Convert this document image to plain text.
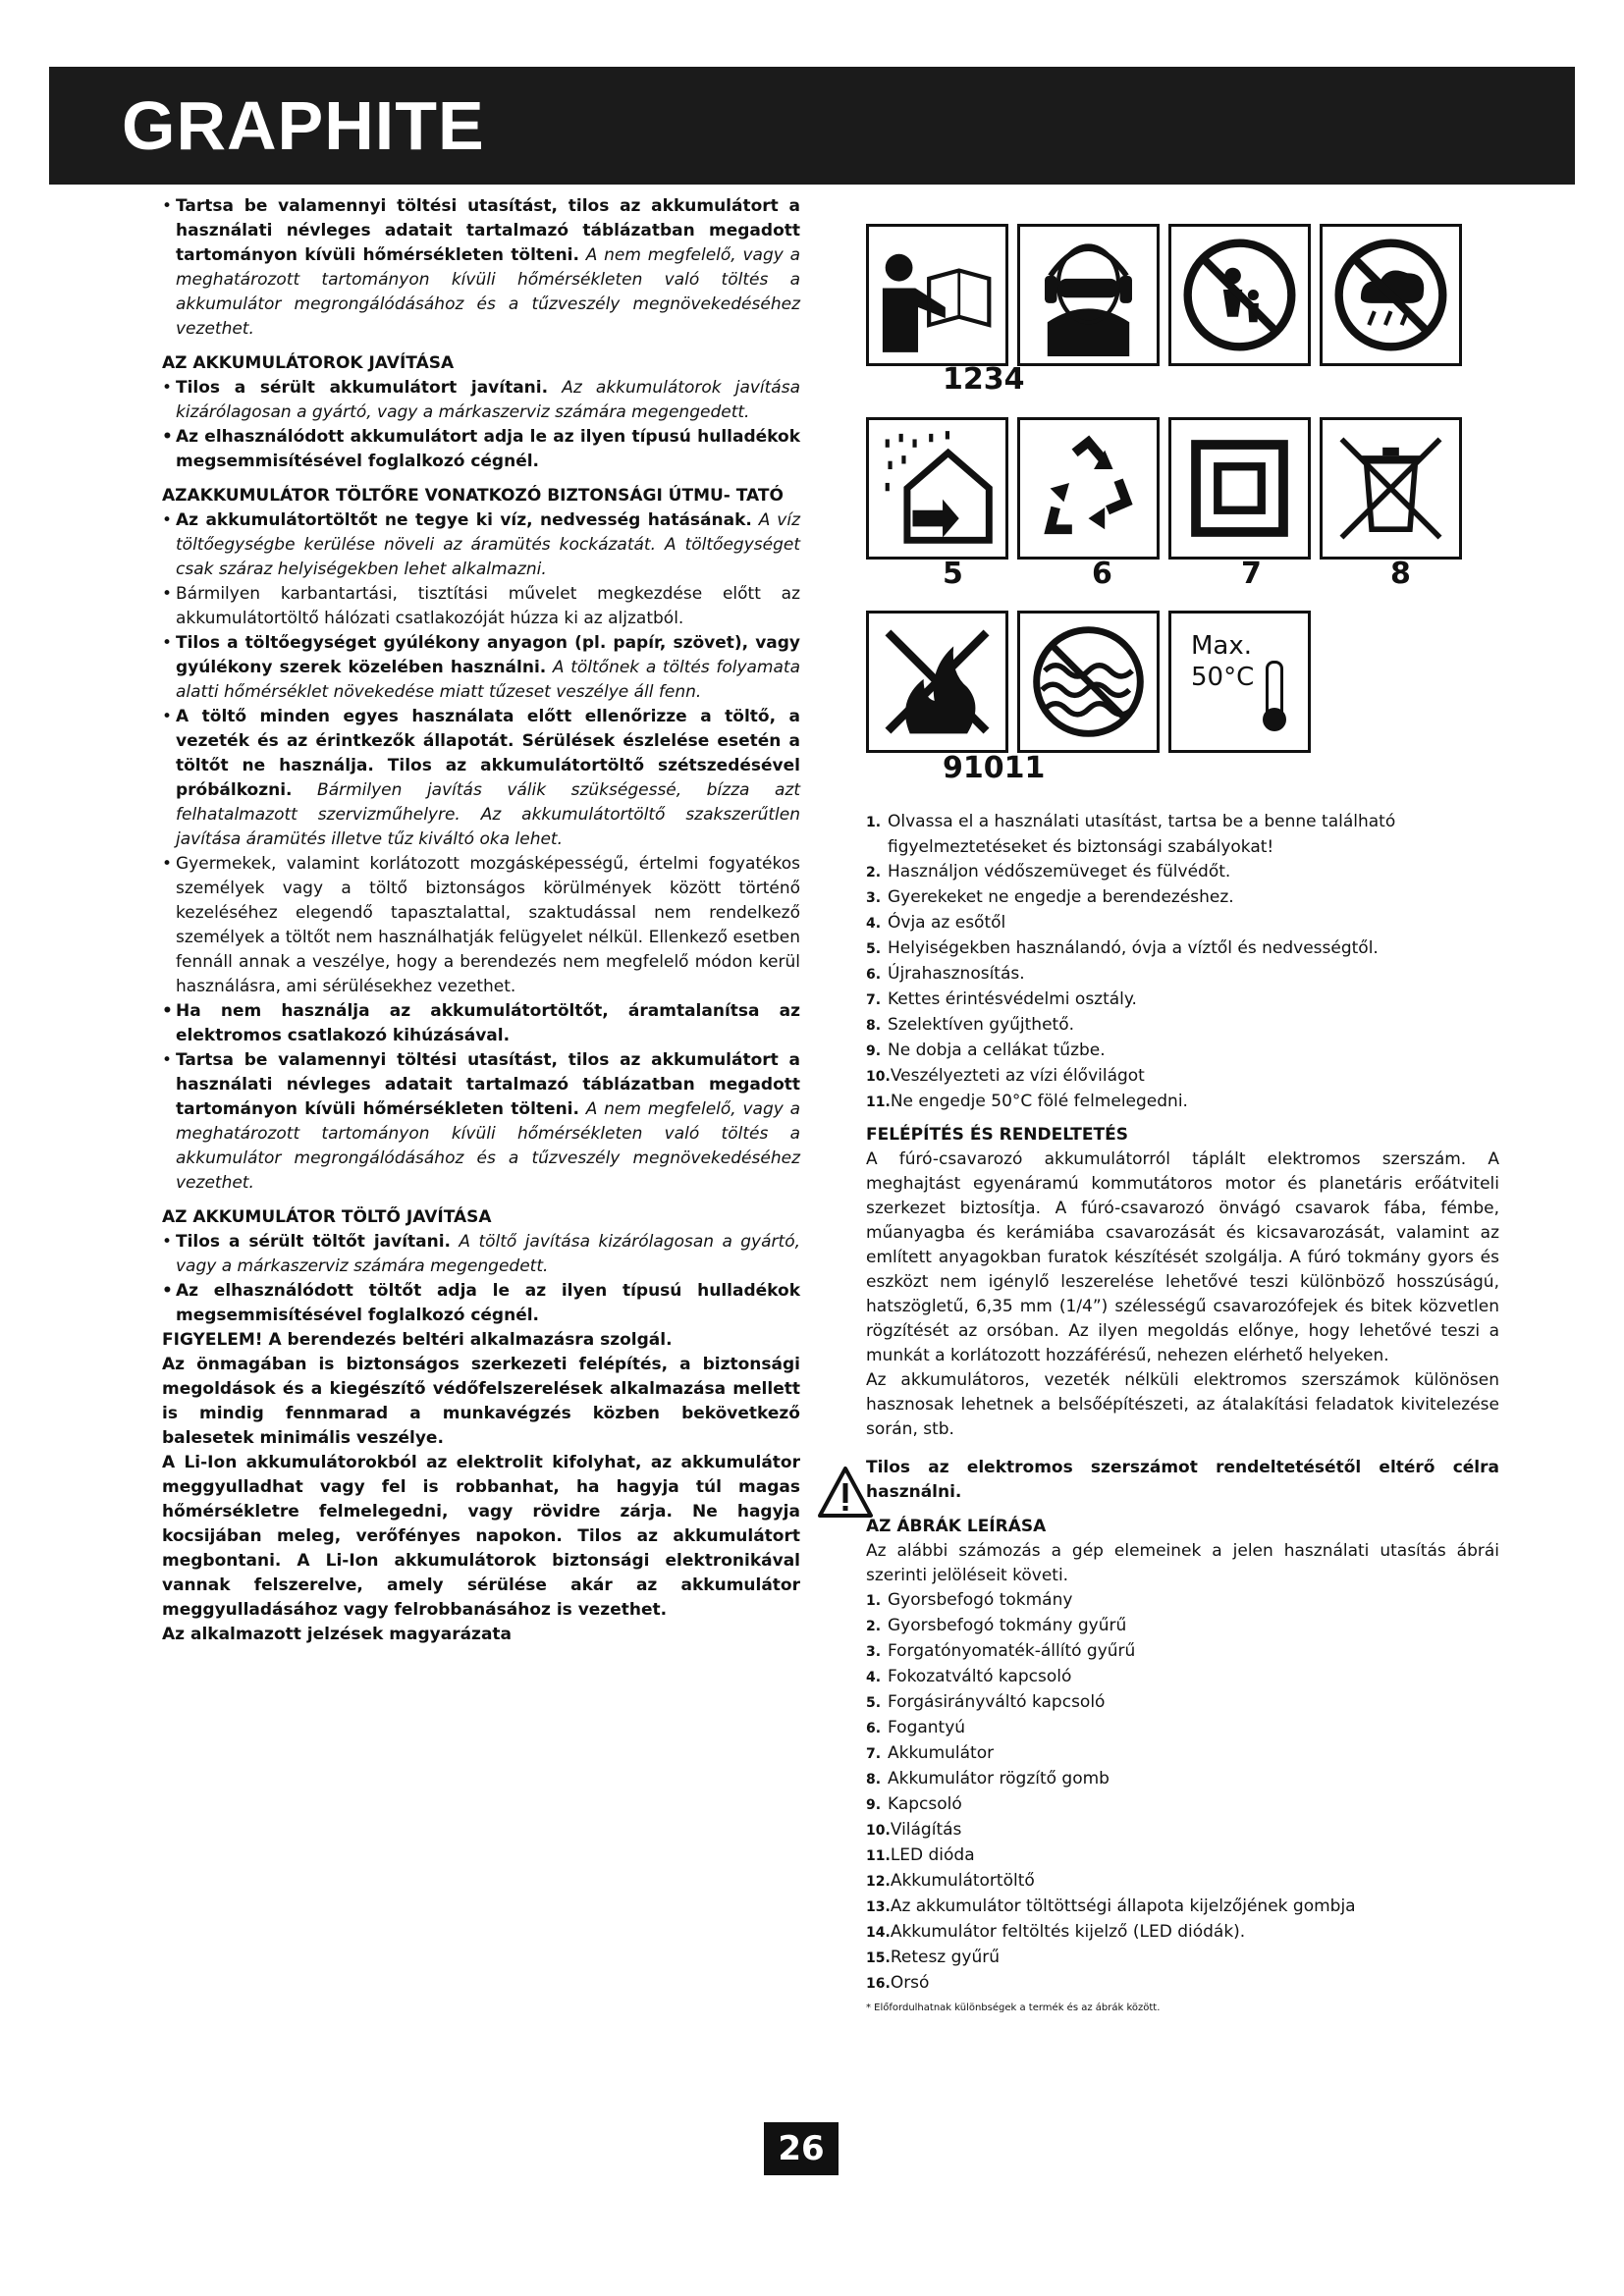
GRAPHITE

• Tartsa be valamennyi töltési utasítást, tilos az akkumulátort a használati névleges adatait tartalmazó táblázatban megadott tartományon kívüli hőmérsékleten tölteni. A nem megfelelő, vagy a meghatározott tartományon kívüli hőmérsékleten való töltés a akkumulátor megrongálódásához és a tűzveszély megnövekedéséhez vezethet.

AZ AKKUMULÁTOROK JAVÍTÁSA

• Tilos a sérült akkumulátort javítani. Az akkumulátorok javítása kizárólagosan a gyártó, vagy a márkaszerviz számára megengedett.

• Az elhasználódott akkumulátort adja le az ilyen típusú hulladékok megsemmisítésével foglalkozó cégnél.

AZAKKUMULÁTOR TÖLTŐRE VONATKOZÓ BIZTONSÁGI ÚTMU- TATÓ

• Az akkumulátortöltőt ne tegye ki víz, nedvesség hatásának. A víz töltőegységbe kerülése növeli az áramütés kockázatát. A töltőegységet csak száraz helyiségekben lehet alkalmazni.

• Bármilyen karbantartási, tisztítási művelet megkezdése előtt az akkumulátortöltő hálózati csatlakozóját húzza ki az aljzatból.

• Tilos a töltőegységet gyúlékony anyagon (pl. papír, szövet), vagy gyúlékony szerek közelében használni. A töltőnek a töltés folyamata alatti hőmérséklet növekedése miatt tűzeset veszélye áll fenn.

• A töltő minden egyes használata előtt ellenőrizze a töltő, a vezeték és az érintkezők állapotát. Sérülések észlelése esetén a töltőt ne használja. Tilos az akkumulátortöltő szétszedésével próbálkozni. Bármilyen javítás válik szükségessé, bízza azt felhatalmazott szervizműhelyre. Az akkumulátortöltő szakszerűtlen javítása áramütés illetve tűz kiváltó oka lehet.

• Gyermekek, valamint korlátozott mozgásképességű, értelmi fogyatékos személyek vagy a töltő biztonságos körülmények között történő kezeléséhez elegendő tapasztalattal, szaktudással nem rendelkező személyek a töltőt nem használhatják felügyelet nélkül. Ellenkező esetben fennáll annak a veszélye, hogy a berendezés nem megfelelő módon kerül használásra, ami sérülésekhez vezethet.

• Ha nem használja az akkumulátortöltőt, áramtalanítsa az elektromos csatlakozó kihúzásával.

• Tartsa be valamennyi töltési utasítást, tilos az akkumulátort a használati névleges adatait tartalmazó táblázatban megadott tartományon kívüli hőmérsékleten tölteni. A nem megfelelő, vagy a meghatározott tartományon kívüli hőmérsékleten való töltés a akkumulátor megrongálódásához és a tűzveszély megnövekedéséhez vezethet.

AZ AKKUMULÁTOR TÖLTŐ JAVÍTÁSA

• Tilos a sérült töltőt javítani. A töltő javítása kizárólagosan a gyártó, vagy a márkaszerviz számára megengedett.

• Az elhasználódott töltőt adja le az ilyen típusú hulladékok megsemmisítésével foglalkozó cégnél.

FIGYELEM! A berendezés beltéri alkalmazásra szolgál.

Az önmagában is biztonságos szerkezeti felépítés, a biztonsági megoldások és a kiegészítő védőfelszerelések alkalmazása mellett is mindig fennmarad a munkavégzés közben bekövetkező balesetek minimális veszélye.

A Li-Ion akkumulátorokból az elektrolit kifolyhat, az akkumulátor meggyulladhat vagy fel is robbanhat, ha hagyja túl magas hőmérsékletre felmelegedni, vagy rövidre zárja. Ne hagyja kocsijában meleg, verőfényes napokon. Tilos az akkumulátort megbontani. A Li-Ion akkumulátorok biztonsági elektronikával vannak felszerelve, amely sérülése akár az akkumulátor meggyulladásához vagy felrobbanásához is vezethet.

Az alkalmazott jelzések magyarázata

1234
5	6	7	8
Max.
50°C
91011
1. Olvassa el a használati utasítást, tartsa be a benne található figyelmeztetéseket és biztonsági szabályokat!
2. Használjon védőszemüveget és fülvédőt.
3. Gyerekeket ne engedje a berendezéshez.
4. Óvja az esőtől
5. Helyiségekben használandó, óvja a víztől és nedvességtől.
6. Újrahasznosítás.
7. Kettes érintésvédelmi osztály.
8. Szelektíven gyűjthető.
9. Ne dobja a cellákat tűzbe.
10.Veszélyezteti az vízi élővilágot
11.Ne engedje 50°C fölé felmelegedni.

FELÉPÍTÉS ÉS RENDELTETÉS

A fúró-csavarozó akkumulátorról táplált elektromos szerszám. A meghajtást egyenáramú kommutátoros motor és planetáris erőátviteli szerkezet biztosítja. A fúró-csavarozó önvágó csavarok fába, fémbe, műanyagba és kerámiába csavarozását és kicsavarozását, valamint az említett anyagokban furatok készítését szolgálja. A fúró tokmány gyors és eszközt nem igénylő leszerelése lehetővé teszi különböző hosszúságú, hatszögletű, 6,35 mm (1/4”) szélességű csavarozófejek és bitek közvetlen rögzítését az orsóban. Az ilyen megoldás előnye, hogy lehetővé teszi a munkát a korlátozott hozzáférésű, nehezen elérhető helyeken.

Az akkumulátoros, vezeték nélküli elektromos szerszámok különösen hasznosak lehetnek a belsőépítészeti, az átalakítási feladatok kivitelezése során, stb.

Tilos az elektromos szerszámot rendeltetésétől eltérő célra használni.

AZ ÁBRÁK LEÍRÁSA

Az alábbi számozás a gép elemeinek a jelen használati utasítás ábrái szerinti jelöléseit követi.

1. Gyorsbefogó tokmány
2. Gyorsbefogó tokmány gyűrű
3. Forgatónyomaték-állító gyűrű
4. Fokozatváltó kapcsoló
5. Forgásirányváltó kapcsoló
6. Fogantyú
7. Akkumulátor
8. Akkumulátor rögzítő gomb
9. Kapcsoló
10.Világítás
11.LED dióda
12.Akkumulátortöltő
13.Az akkumulátor töltöttségi állapota kijelzőjének gombja
14.Akkumulátor feltöltés kijelző (LED diódák).
15.Retesz gyűrű
16.Orsó

* Előfordulhatnak különbségek a termék és az ábrák között.

26
